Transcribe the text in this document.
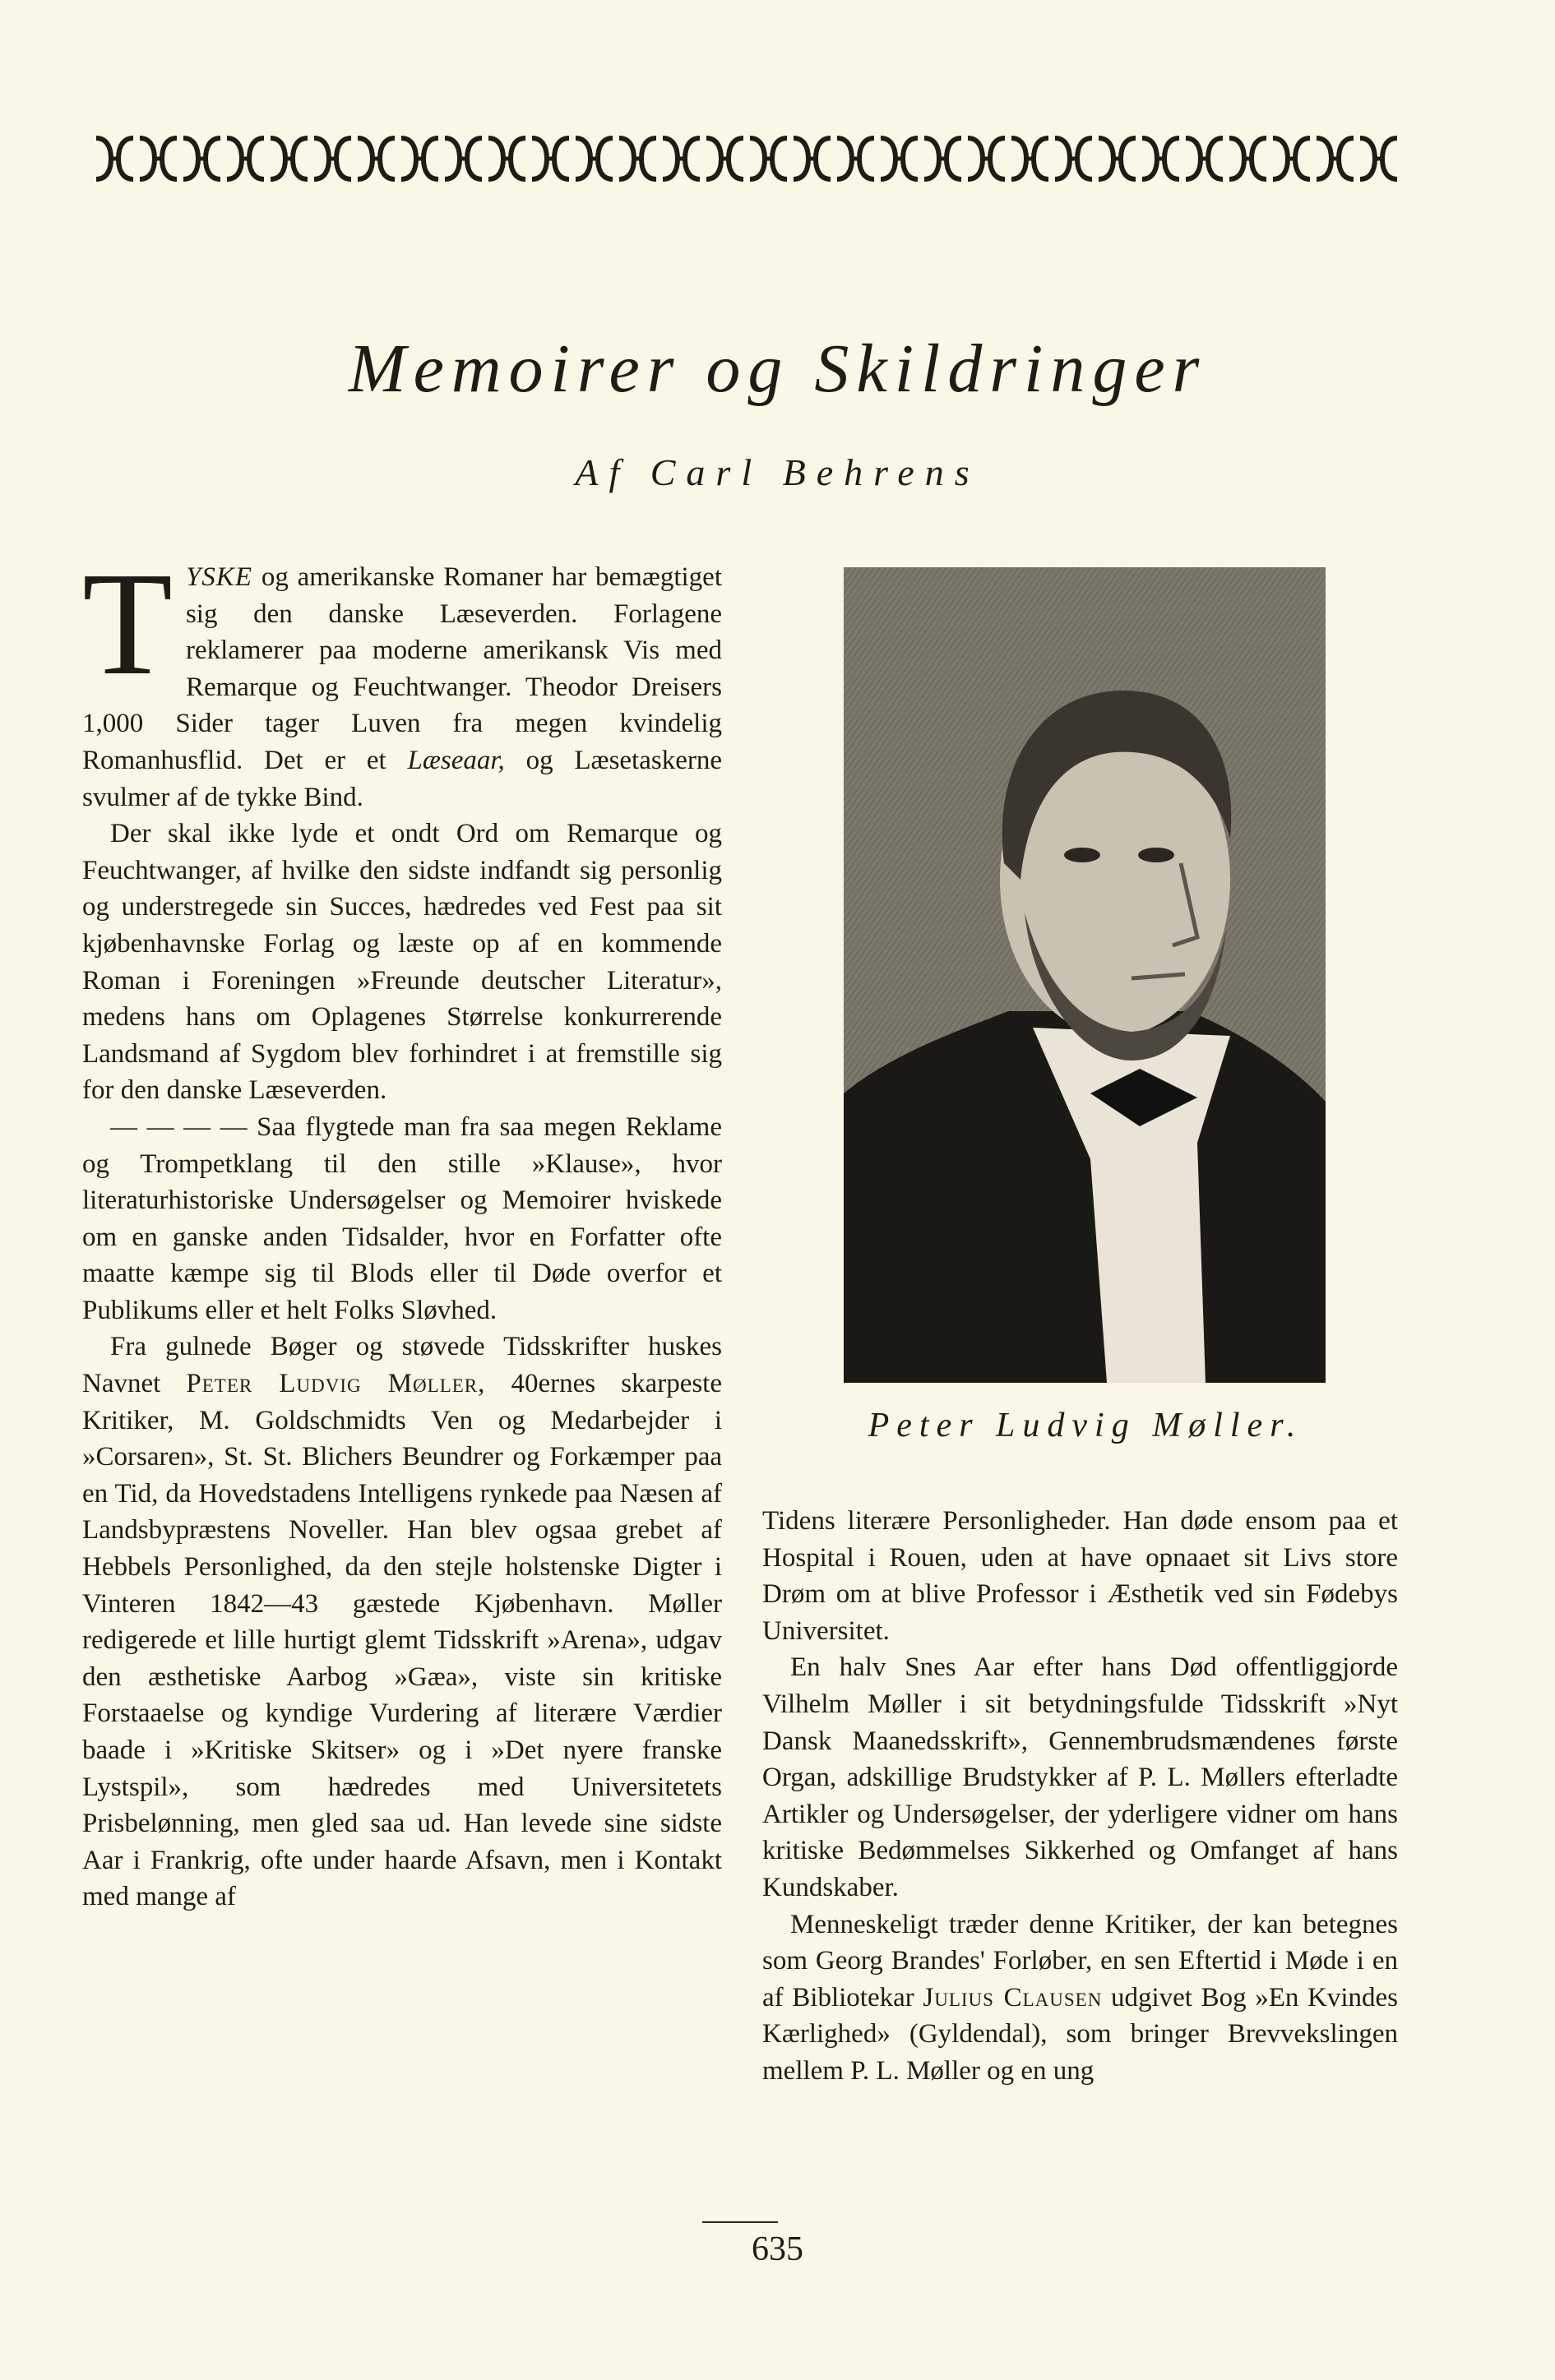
Memoirer og Skildringer
Af Carl Behrens

TYSKE og amerikanske Romaner har bemægtiget sig den danske Læseverden. Forlagene reklamerer paa moderne amerikansk Vis med Remarque og Feuchtwanger. Theodor Dreisers 1,000 Sider tager Luven fra megen kvindelig Romanhusflid. Det er et Læseaar, og Læsetaskerne svulmer af de tykke Bind.

Der skal ikke lyde et ondt Ord om Remarque og Feuchtwanger, af hvilke den sidste indfandt sig personlig og understregede sin Succes, hædredes ved Fest paa sit kjøbenhavnske Forlag og læste op af en kommende Roman i Foreningen »Freunde deutscher Literatur», medens hans om Oplagenes Størrelse konkurrerende Landsmand af Sygdom blev forhindret i at fremstille sig for den danske Læseverden.

— — — — Saa flygtede man fra saa megen Reklame og Trompetklang til den stille »Klause», hvor literaturhistoriske Undersøgelser og Memoirer hviskede om en ganske anden Tidsalder, hvor en Forfatter ofte maatte kæmpe sig til Blods eller til Døde overfor et Publikums eller et helt Folks Sløvhed.

Fra gulnede Bøger og støvede Tidsskrifter huskes Navnet Peter Ludvig Møller, 40ernes skarpeste Kritiker, M. Goldschmidts Ven og Medarbejder i »Corsaren», St. St. Blichers Beundrer og Forkæmper paa en Tid, da Hovedstadens Intelligens rynkede paa Næsen af Landsbypræstens Noveller. Han blev ogsaa grebet af Hebbels Personlighed, da den stejle holstenske Digter i Vinteren 1842—43 gæstede Kjøbenhavn. Møller redigerede et lille hurtigt glemt Tidsskrift »Arena», udgav den æsthetiske Aarbog »Gæa», viste sin kritiske Forstaaelse og kyndige Vurdering af literære Værdier baade i »Kritiske Skitser» og i »Det nyere franske Lystspil», som hædredes med Universitetets Prisbelønning, men gled saa ud. Han levede sine sidste Aar i Frankrig, ofte under haarde Afsavn, men i Kontakt med mange af

Peter Ludvig Møller.

Tidens literære Personligheder. Han døde ensom paa et Hospital i Rouen, uden at have opnaaet sit Livs store Drøm om at blive Professor i Æsthetik ved sin Fødebys Universitet.

En halv Snes Aar efter hans Død offentliggjorde Vilhelm Møller i sit betydningsfulde Tidsskrift »Nyt Dansk Maanedsskrift», Gennembrudsmændenes første Organ, adskillige Brudstykker af P. L. Møllers efterladte Artikler og Undersøgelser, der yderligere vidner om hans kritiske Bedømmelses Sikkerhed og Omfanget af hans Kundskaber.

Menneskeligt træder denne Kritiker, der kan betegnes som Georg Brandes' Forløber, en sen Eftertid i Møde i en af Bibliotekar Julius Clausen udgivet Bog »En Kvindes Kærlighed» (Gyldendal), som bringer Brevvekslingen mellem P. L. Møller og en ung

635
